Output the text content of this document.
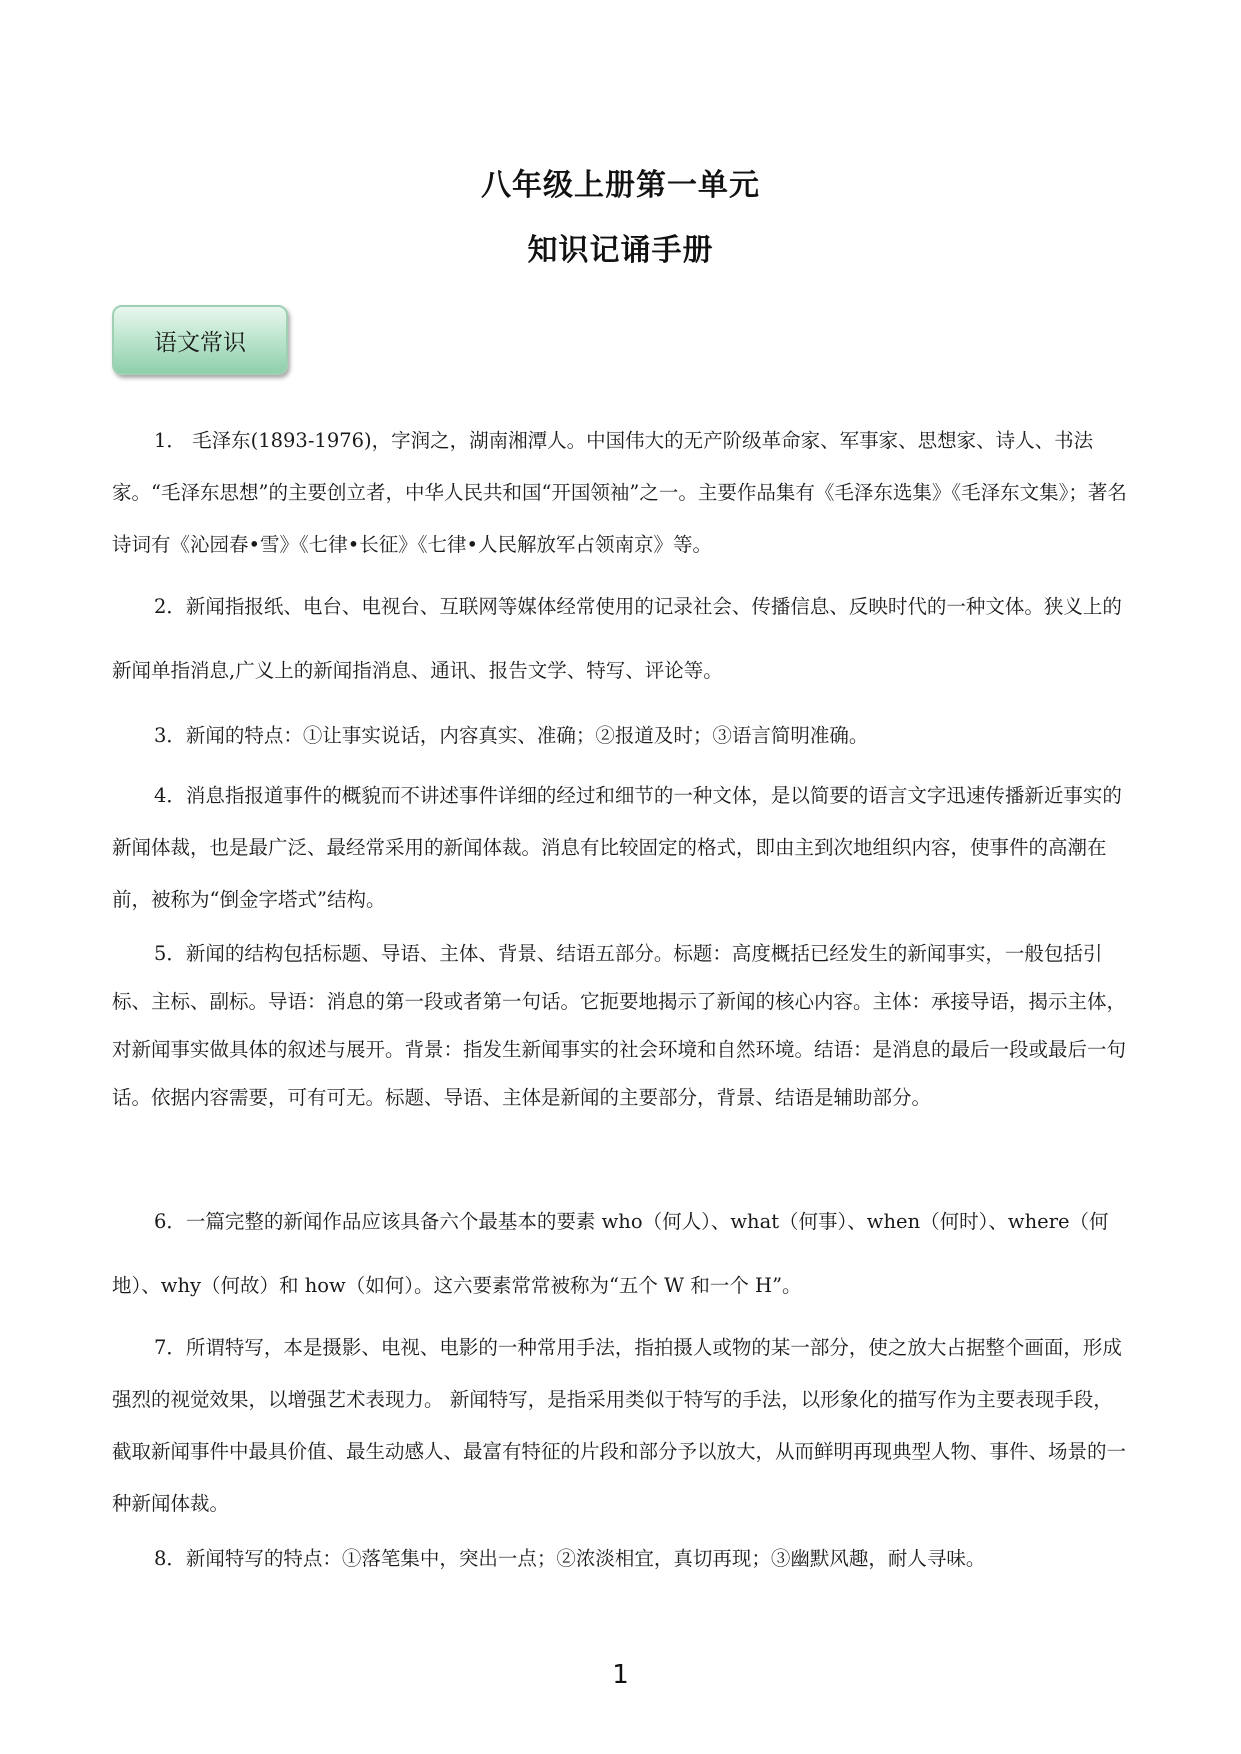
八年级上册第一单元
知识记诵手册
语文常识
1． 毛泽东(1893-1976)，字润之，湖南湘潭人。中国伟大的无产阶级革命家、军事家、思想家、诗人、书法家。“毛泽东思想”的主要创立者，中华人民共和国“开国领袖”之一。主要作品集有《毛泽东选集》《毛泽东文集》；著名诗词有《沁园春•雪》《七律•长征》《七律•人民解放军占领南京》等。
2．新闻指报纸、电台、电视台、互联网等媒体经常使用的记录社会、传播信息、反映时代的一种文体。狭义上的新闻单指消息,广义上的新闻指消息、通讯、报告文学、特写、评论等。
3．新闻的特点：①让事实说话，内容真实、准确；②报道及时；③语言简明准确。
4．消息指报道事件的概貌而不讲述事件详细的经过和细节的一种文体，是以简要的语言文字迅速传播新近事实的新闻体裁，也是最广泛、最经常采用的新闻体裁。消息有比较固定的格式，即由主到次地组织内容，使事件的高潮在前，被称为“倒金字塔式”结构。
5．新闻的结构包括标题、导语、主体、背景、结语五部分。标题：高度概括已经发生的新闻事实，一般包括引标、主标、副标。导语：消息的第一段或者第一句话。它扼要地揭示了新闻的核心内容。主体：承接导语，揭示主体，对新闻事实做具体的叙述与展开。背景：指发生新闻事实的社会环境和自然环境。结语：是消息的最后一段或最后一句话。依据内容需要，可有可无。标题、导语、主体是新闻的主要部分，背景、结语是辅助部分。
6．一篇完整的新闻作品应该具备六个最基本的要素 who（何人）、what（何事）、when（何时）、where（何地）、why（何故）和 how（如何）。这六要素常常被称为“五个 W 和一个 H”。
7．所谓特写，本是摄影、电视、电影的一种常用手法，指拍摄人或物的某一部分，使之放大占据整个画面，形成强烈的视觉效果，以增强艺术表现力。 新闻特写，是指采用类似于特写的手法，以形象化的描写作为主要表现手段，截取新闻事件中最具价值、最生动感人、最富有特征的片段和部分予以放大，从而鲜明再现典型人物、事件、场景的一种新闻体裁。
8．新闻特写的特点：①落笔集中，突出一点；②浓淡相宜，真切再现；③幽默风趣，耐人寻味。
1
